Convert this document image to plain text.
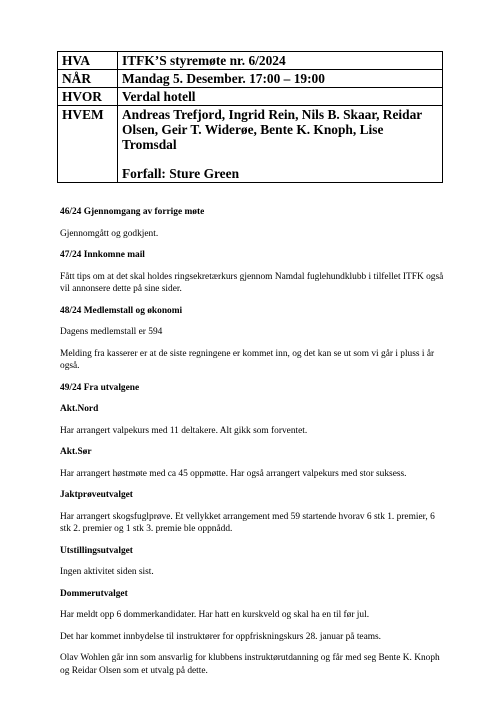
HVA	ITFK’S styremøte nr. 6/2024
NÅR	Mandag 5. Desember. 17:00 – 19:00
HVOR	Verdal hotell
HVEM	Andreas Trefjord, Ingrid Rein, Nils B. Skaar, Reidar Olsen, Geir T. Widerøe, Bente K. Knoph, Lise Tromsdal
Forfall: Sture Green
46/24 Gjennomgang av forrige møte
Gjennomgått og godkjent.
47/24 Innkomne mail
Fått tips om at det skal holdes ringsekretærkurs gjennom Namdal fuglehundklubb i tilfellet ITFK også vil annonsere dette på sine sider.
48/24 Medlemstall og økonomi
Dagens medlemstall er 594
Melding fra kasserer er at de siste regningene er kommet inn, og det kan se ut som vi går i pluss i år også.
49/24 Fra utvalgene
Akt.Nord
Har arrangert valpekurs med 11 deltakere. Alt gikk som forventet.
Akt.Sør
Har arrangert høstmøte med ca 45 oppmøtte. Har også arrangert valpekurs med stor suksess.
Jaktprøveutvalget
Har arrangert skogsfuglprøve. Et vellykket arrangement med 59 startende hvorav 6 stk 1. premier, 6 stk 2. premier og 1 stk 3. premie ble oppnådd.
Utstillingsutvalget
Ingen aktivitet siden sist.
Dommerutvalget
Har meldt opp 6 dommerkandidater. Har hatt en kurskveld og skal ha en til før jul.
Det har kommet innbydelse til instruktører for oppfriskningskurs 28. januar på teams.
Olav Wohlen går inn som ansvarlig for klubbens instruktørutdanning og får med seg Bente K. Knoph og Reidar Olsen som et utvalg på dette.
